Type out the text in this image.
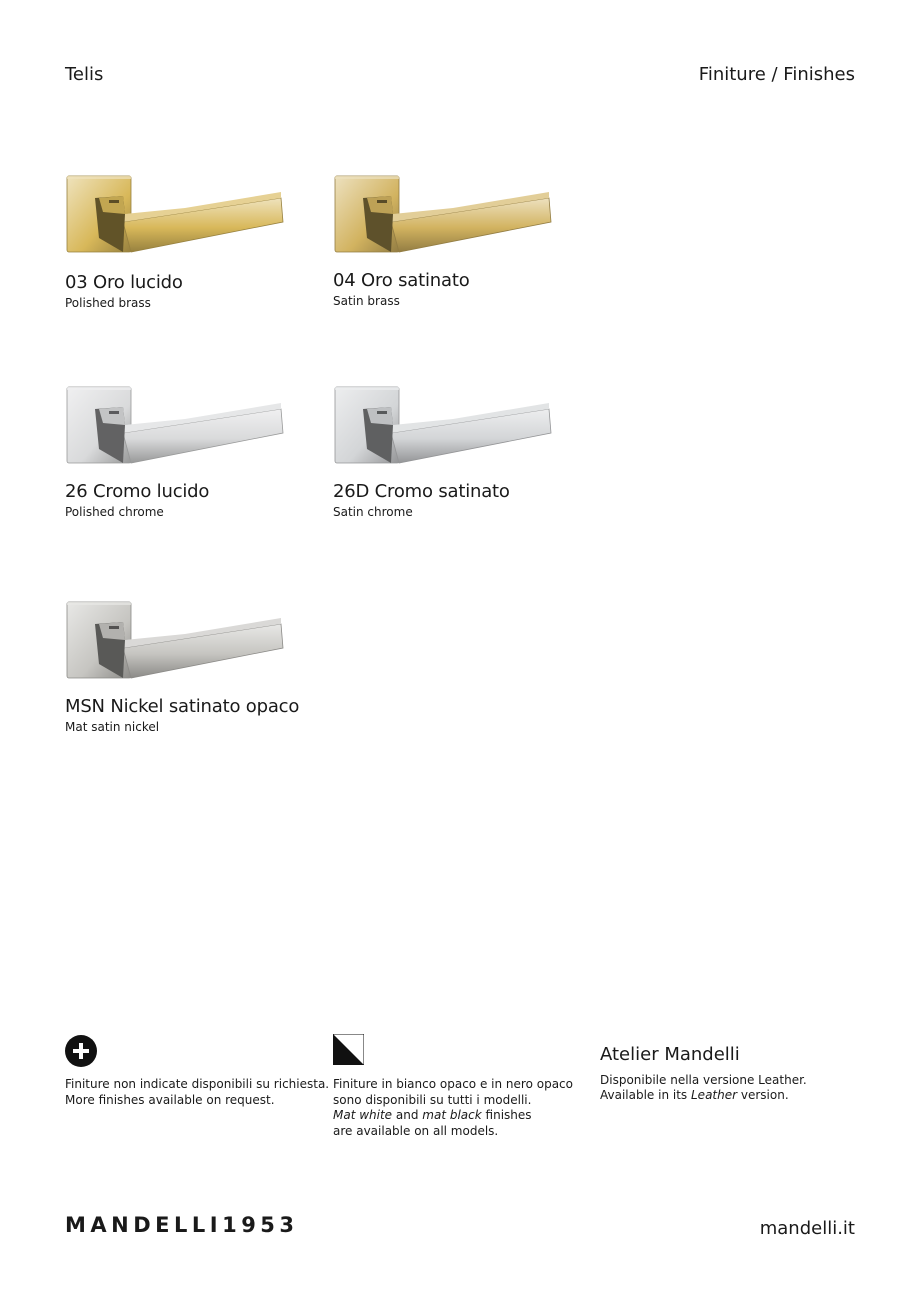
Telis	Finiture / Finishes
03 Oro lucido
Polished brass
04 Oro satinato
Satin brass
26 Cromo lucido
Polished chrome
26D Cromo satinato
Satin chrome
MSN Nickel satinato opaco
Mat satin nickel
Finiture non indicate disponibili su richiesta.
More finishes available on request.
Finiture in bianco opaco e in nero opaco
sono disponibili su tutti i modelli.
Mat white and mat black finishes
are available on all models.
Atelier Mandelli
Disponibile nella versione Leather.
Available in its Leather version.
MANDELLI1953	mandelli.it
